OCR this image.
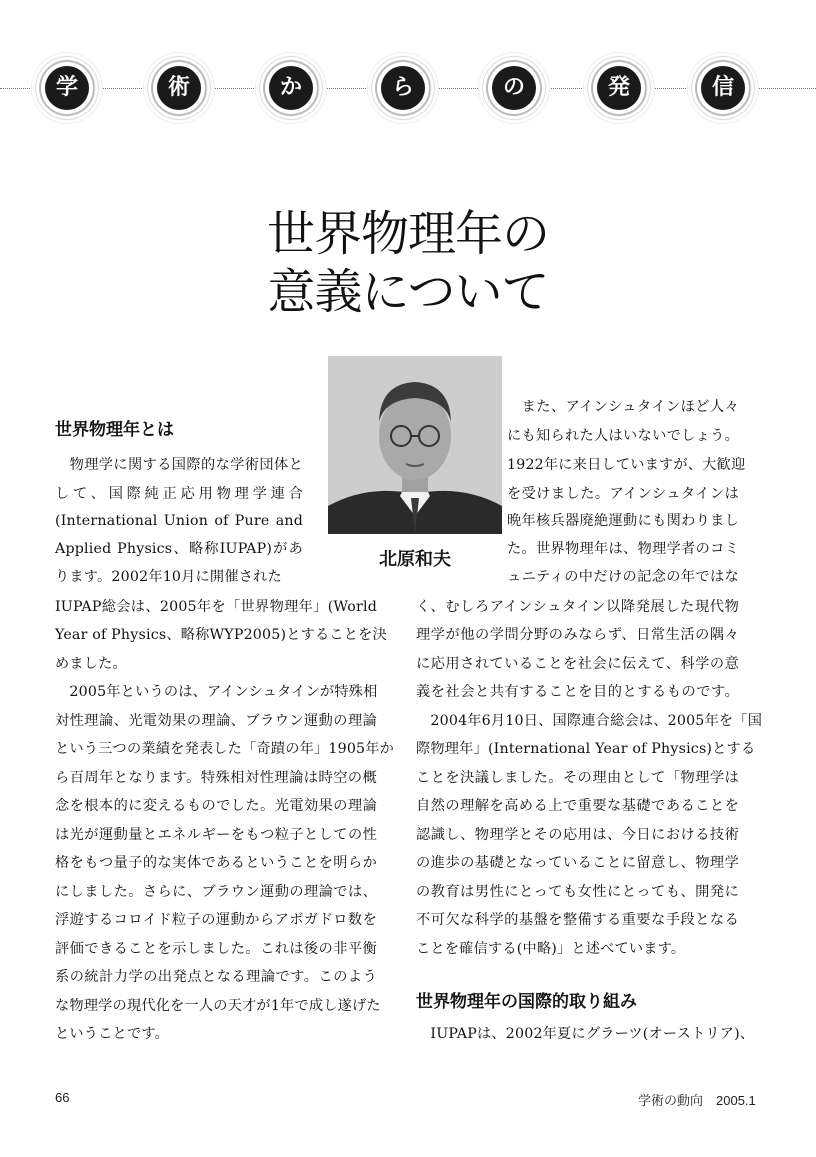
学	術	か	ら	の	発	信
世界物理年の
意義について
北原和夫
世界物理年とは
　物理学に関する国際的な学術団体と
して、国際純正応用物理学連合
(International Union of Pure and
Applied Physics、略称IUPAP)があ
ります。2002年10月に開催された
IUPAP総会は、2005年を「世界物理年」(World
Year of Physics、略称WYP2005)とすることを決
めました。
　2005年というのは、アインシュタインが特殊相
対性理論、光電効果の理論、ブラウン運動の理論
という三つの業績を発表した「奇蹟の年」1905年か
ら百周年となります。特殊相対性理論は時空の概
念を根本的に変えるものでした。光電効果の理論
は光が運動量とエネルギーをもつ粒子としての性
格をもつ量子的な実体であるということを明らか
にしました。さらに、ブラウン運動の理論では、
浮遊するコロイド粒子の運動からアボガドロ数を
評価できることを示しました。これは後の非平衡
系の統計力学の出発点となる理論です。このよう
な物理学の現代化を一人の天才が1年で成し遂げた
ということです。
　また、アインシュタインほど人々
にも知られた人はいないでしょう。
1922年に来日していますが、大歓迎
を受けました。アインシュタインは
晩年核兵器廃絶運動にも関わりまし
た。世界物理年は、物理学者のコミ
ュニティの中だけの記念の年ではな
く、むしろアインシュタイン以降発展した現代物
理学が他の学問分野のみならず、日常生活の隅々
に応用されていることを社会に伝えて、科学の意
義を社会と共有することを目的とするものです。
　2004年6月10日、国際連合総会は、2005年を「国
際物理年」(International Year of Physics)とする
ことを決議しました。その理由として「物理学は
自然の理解を高める上で重要な基礎であることを
認識し、物理学とその応用は、今日における技術
の進歩の基礎となっていることに留意し、物理学
の教育は男性にとっても女性にとっても、開発に
不可欠な科学的基盤を整備する重要な手段となる
ことを確信する(中略)」と述べています。
世界物理年の国際的取り組み
　IUPAPは、2002年夏にグラーツ(オーストリア)、
66	学術の動向　2005.1
